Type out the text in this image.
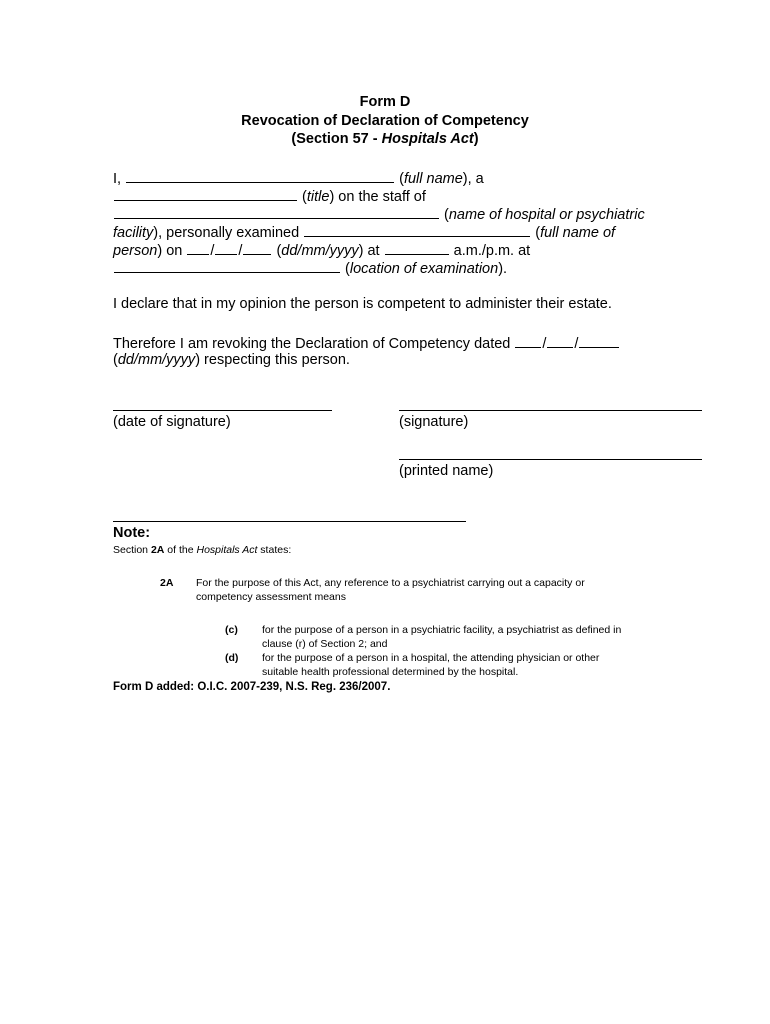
Form D
Revocation of Declaration of Competency
(Section 57 - Hospitals Act)
I,	(full name), a
(title) on the staff of
(name of hospital or psychiatric
facility), personally examined	(full name of
person) on / / (dd/mm/yyyy) at	a.m./p.m. at
(location of examination).
I declare that in my opinion the person is competent to administer their estate.
Therefore I am revoking the Declaration of Competency dated / /
(dd/mm/yyyy) respecting this person.
(date of signature)	(signature)
(printed name)
Note:
Section 2A of the Hospitals Act states:
2A For the purpose of this Act, any reference to a psychiatrist carrying out a capacity or
competency assessment means
(c) for the purpose of a person in a psychiatric facility, a psychiatrist as defined in
clause (r) of Section 2; and
(d) for the purpose of a person in a hospital, the attending physician or other
suitable health professional determined by the hospital.
Form D added: O.I.C. 2007-239, N.S. Reg. 236/2007.
